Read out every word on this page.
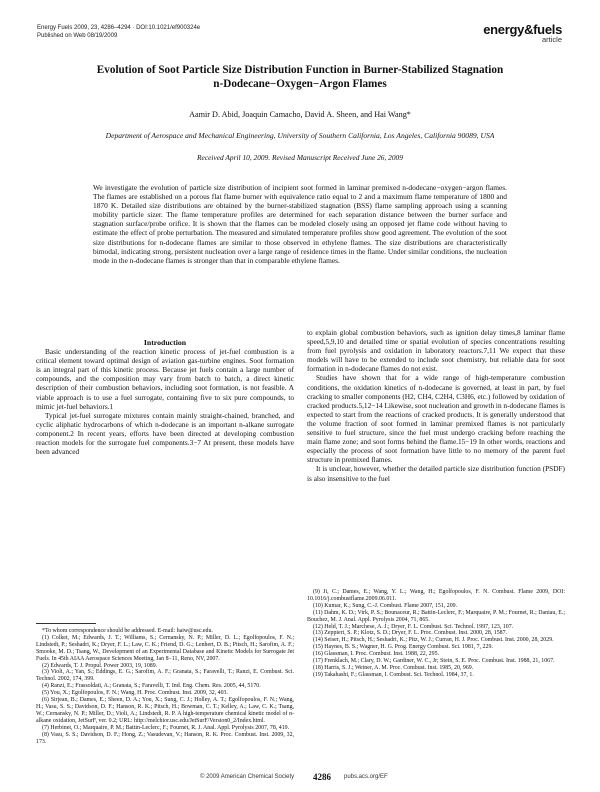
Energy Fuels 2009, 23, 4286–4294 · DOI:10.1021/ef900324e
Published on Web 08/19/2009	energy&fuels
article
Evolution of Soot Particle Size Distribution Function in Burner-Stabilized Stagnation
n-Dodecane−Oxygen−Argon Flames
Aamir D. Abid, Joaquin Camacho, David A. Sheen, and Hai Wang*
Department of Aerospace and Mechanical Engineering, University of Southern California, Los Angeles, California 90089, USA
Received April 10, 2009. Revised Manuscript Received June 26, 2009
We investigate the evolution of particle size distribution of incipient soot formed in laminar premixed n-dodecane−oxygen−argon flames. The flames are established on a porous flat flame burner with equivalence ratio equal to 2 and a maximum flame temperature of 1800 and 1870 K. Detailed size distributions are obtained by the burner-stabilized stagnation (BSS) flame sampling approach using a scanning mobility particle sizer. The flame temperature profiles are determined for each separation distance between the burner surface and stagnation surface/probe orifice. It is shown that the flames can be modeled closely using an opposed jet flame code without having to estimate the effect of probe perturbation. The measured and simulated temperature profiles show good agreement. The evolution of the soot size distributions for n-dodecane flames are similar to those observed in ethylene flames. The size distributions are characteristically bimodal, indicating strong, persistent nucleation over a large range of residence times in the flame. Under similar conditions, the nucleation mode in the n-dodecane flames is stronger than that in comparable ethylene flames.

Introduction

Basic understanding of the reaction kinetic process of jet-fuel combustion is a critical element toward optimal design of aviation gas-turbine engines. Soot formation is an integral part of this kinetic process. Because jet fuels contain a large number of compounds, and the composition may vary from batch to batch, a direct kinetic description of their combustion behaviors, including soot formation, is not feasible. A viable approach is to use a fuel surrogate, containing five to six pure compounds, to mimic jet-fuel behaviors.1

Typical jet-fuel surrogate mixtures contain mainly straight-chained, branched, and cyclic aliphatic hydrocarbons of which n-dodecane is an important n-alkane surrogate component.2 In recent years, efforts have been directed at developing combustion reaction models for the surrogate fuel components.3−7 At present, these models have been advanced

to explain global combustion behaviors, such as ignition delay times,8 laminar flame speed,5,9,10 and detailed time or spatial evolution of species concentrations resulting from fuel pyrolysis and oxidation in laboratory reactors.7,11 We expect that these models will have to be extended to include soot chemistry, but reliable data for soot formation in n-dodecane flames do not exist.

Studies have shown that for a wide range of high-temperature combustion conditions, the oxidation kinetics of n-dodecane is governed, at least in part, by fuel cracking to smaller components (H2, CH4, C2H4, C3H6, etc.) followed by oxidation of cracked products.5,12−14 Likewise, soot nucleation and growth in n-dodecane flames is expected to start from the reactions of cracked products. It is generally understood that the volume fraction of soot formed in laminar premixed flames is not particularly sensitive to fuel structure, since the fuel must undergo cracking before reaching the main flame zone; and soot forms behind the flame.15−19 In other words, reactions and especially the process of soot formation have little to no memory of the parent fuel structure in premixed flames.

It is unclear, however, whether the detailed particle size distribution function (PSDF) is also insensitive to the fuel

*To whom correspondence should be addressed. E-mail: haiw@usc.edu.
(1) Colket, M.; Edwards, J. T.; Williams, S.; Cernansky, N. P.; Miller, D. L.; Egolfopoulos, F. N.; Lindstedt, P.; Seshadri, K.; Dryer, F. L.; Law, C. K.; Friend, D. G.; Lenhert, D. B.; Pitsch, H.; Sarofim, A. F.; Smooke, M. D.; Tsang, W., Development of an Experimental Database and Kinetic Models for Surrogate Jet Fuels. In 45th AIAA Aerospace Sciences Meeting, Jan 8−11, Reno, NV, 2007.
(2) Edwards, T. J. Propul. Power 2003, 19, 1089.
(3) Violi, A.; Yan, S.; Eddings, E. G.; Sarofim, A. F.; Granata, S.; Faravelli, T.; Ranzi, E. Combust. Sci. Technol. 2002, 174, 399.
(4) Ranzi, E.; Frassoldati, A.; Granata, S.; Faravelli, T. Ind. Eng. Chem. Res. 2005, 44, 5170.
(5) You, X.; Egolfopoulos, F. N.; Wang, H. Proc. Combust. Inst. 2009, 32, 403.
(6) Sirjean, B.; Dames, E.; Sheen, D. A.; You, X.; Sung, C. J.; Holley, A. T.; Egolfopoulos, F. N.; Wang, H.; Vasu, S. S.; Davidson, D. F.; Hanson, R. K.; Pitsch, H.; Bowman, C. T.; Kelley, A.; Law, C. K.; Tsang, W.; Cernansky, N. P.; Miller, D.; Violi, A.; Lindstedt, R. P. A high-temperature chemical kinetic model of n-alkane oxidation, JetSurF, ver. 0.2; URL: http://melchior.usc.edu/JetSurF/Version0_2/Index.html.
(7) Herbinet, O.; Marquaire, P. M.; Battin-Leclerc, F.; Fournet, R. J. Anal. Appl. Pyrolysis 2007, 78, 419.
(8) Vasu, S. S.; Davidson, D. F.; Hong, Z.; Vasudevan, V.; Hanson, R. K. Proc. Combust. Inst. 2009, 32, 173.
(9) Ji, C.; Dames, E.; Wang, Y. L.; Wang, H.; Egolfopoulos, F. N. Combust. Flame 2009, DOI: 10.1016/j.combustflame.2009.06.011.
(10) Kumar, K.; Sung, C.-J. Combust. Flame 2007, 151, 209.
(11) Dahm, K. D.; Virk, P. S.; Bounaceur, R.; Battin-Leclerc, F.; Marquaire, P. M.; Fournet, R.; Daniau, E.; Bouchez, M. J. Anal. Appl. Pyrolysis 2004, 71, 865.
(12) Held, T. J.; Marchese, A. J.; Dryer, F. L. Combust. Sci. Technol. 1997, 123, 107.
(13) Zeppieri, S. P.; Klotz, S. D.; Dryer, F. L. Proc. Combust. Inst. 2000, 28, 1587.
(14) Seiser, H.; Pitsch, H.; Seshadri, K.; Pitz, W. J.; Curran, H. J. Proc. Combust. Inst. 2000, 28, 2029.
(15) Haynes, B. S.; Wagner, H. G. Prog. Energy Combust. Sci. 1981, 7, 229.
(16) Glassman, I. Proc. Combust. Inst. 1988, 22, 295.
(17) Frenklach, M.; Clary, D. W.; Gardiner, W. C., Jr; Stein, S. E. Proc. Combust. Inst. 1988, 21, 1067.
(18) Harris, S. J.; Weiner, A. M. Proc. Combust. Inst. 1985, 20, 969.
(19) Takahashi, F.; Glassman, I. Combust. Sci. Technol. 1984, 37, 1.
© 2009 American Chemical Society 4286 pubs.acs.org/EF
